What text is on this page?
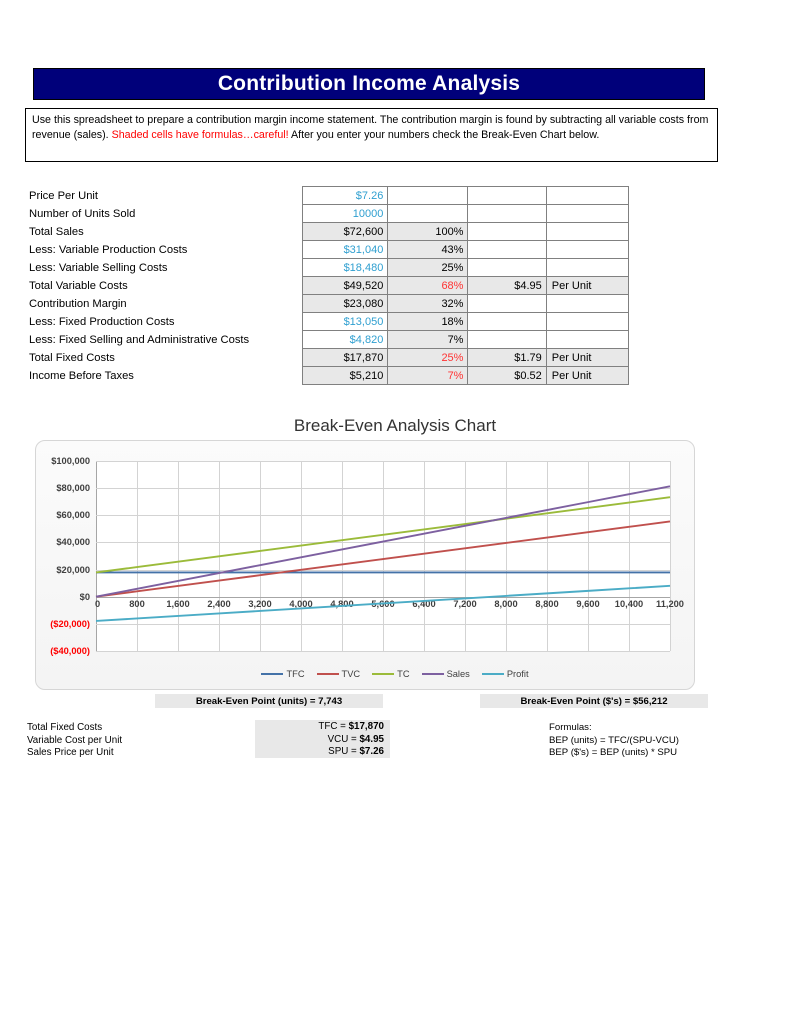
Contribution Income Analysis
Use this spreadsheet to prepare a contribution margin income statement. The contribution margin is found by subtracting all variable costs from revenue (sales). Shaded cells have formulas…careful! After you enter your numbers check the Break-Even Chart below.
Price Per Unit	$7.26			
Number of Units Sold	10000			
Total Sales	$72,600	100%		
Less: Variable Production Costs	$31,040	43%		
Less: Variable Selling Costs	$18,480	25%		
Total Variable Costs	$49,520	68%	$4.95	Per Unit
Contribution Margin	$23,080	32%		
Less: Fixed Production Costs	$13,050	18%		
Less: Fixed Selling and Administrative Costs	$4,820	7%		
Total Fixed Costs	$17,870	25%	$1.79	Per Unit
Income Before Taxes	$5,210	7%	$0.52	Per Unit
Break-Even Analysis Chart
$100,000
$80,000
$60,000
$40,000
$20,000
$0
($20,000)
($40,000)
0	800 1,600 2,400 3,200 4,000 4,800 5,600 6,400 7,200 8,000 8,800 9,600 10,400 11,200
TFC	TVC	TC	Sales	Profit
Break-Even Point (units) = 7,743	Break-Even Point ($'s) = $56,212
Total Fixed Costs
Variable Cost per Unit
Sales Price per Unit
TFC = $17,870
VCU = $4.95
SPU = $7.26
Formulas:
BEP (units) = TFC/(SPU-VCU)
BEP ($'s) = BEP (units) * SPU
